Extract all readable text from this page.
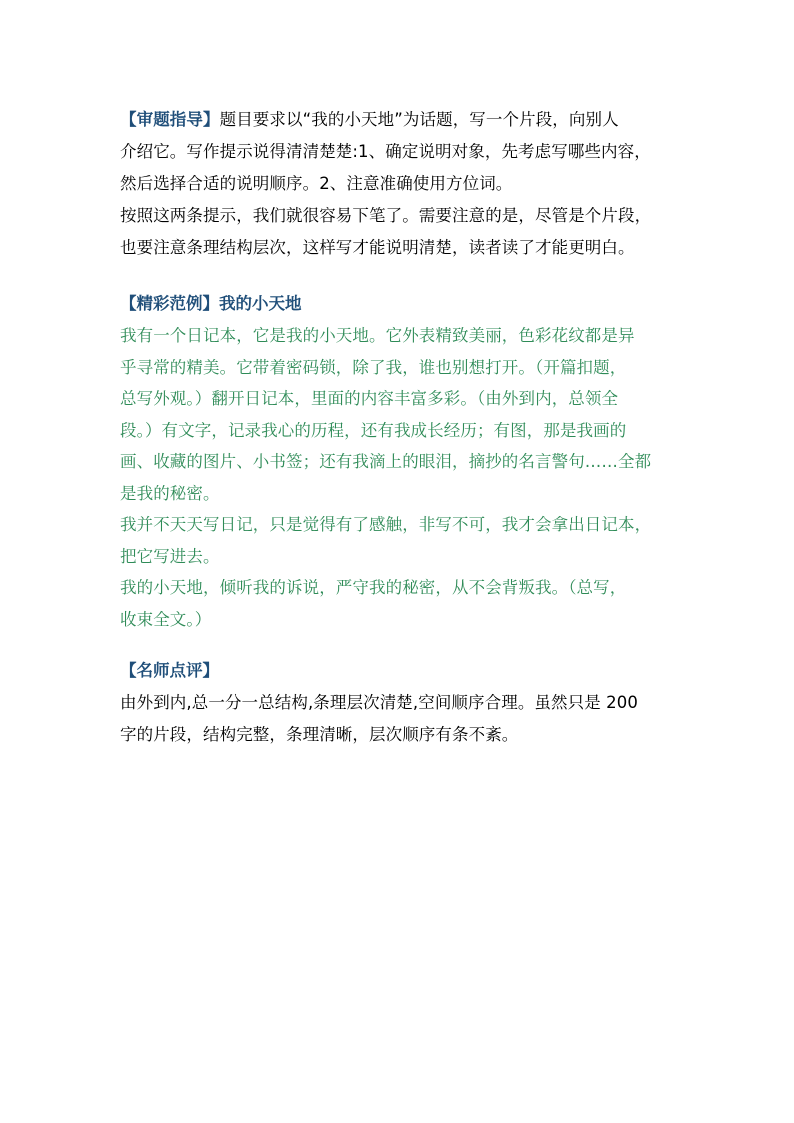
【审题指导】题目要求以“我的小天地”为话题，写一个片段，向别人

介绍它。写作提示说得清清楚楚:1、确定说明对象，先考虑写哪些内容，

然后选择合适的说明顺序。2、注意准确使用方位词。

按照这两条提示，我们就很容易下笔了。需要注意的是，尽管是个片段，

也要注意条理结构层次，这样写才能说明清楚，读者读了才能更明白。

【精彩范例】我的小天地

我有一个日记本，它是我的小天地。它外表精致美丽，色彩花纹都是异

乎寻常的精美。它带着密码锁，除了我，谁也别想打开。（开篇扣题，

总写外观。）翻开日记本，里面的内容丰富多彩。（由外到内，总领全

段。）有文字，记录我心的历程，还有我成长经历；有图，那是我画的

画、收藏的图片、小书签；还有我滴上的眼泪，摘抄的名言警句……全都

是我的秘密。

我并不天天写日记，只是觉得有了感触，非写不可，我才会拿出日记本，

把它写进去。

我的小天地，倾听我的诉说，严守我的秘密，从不会背叛我。（总写，

收束全文。）

【名师点评】

由外到内,总一分一总结构,条理层次清楚,空间顺序合理。虽然只是 200

字的片段，结构完整，条理清晰，层次顺序有条不紊。
